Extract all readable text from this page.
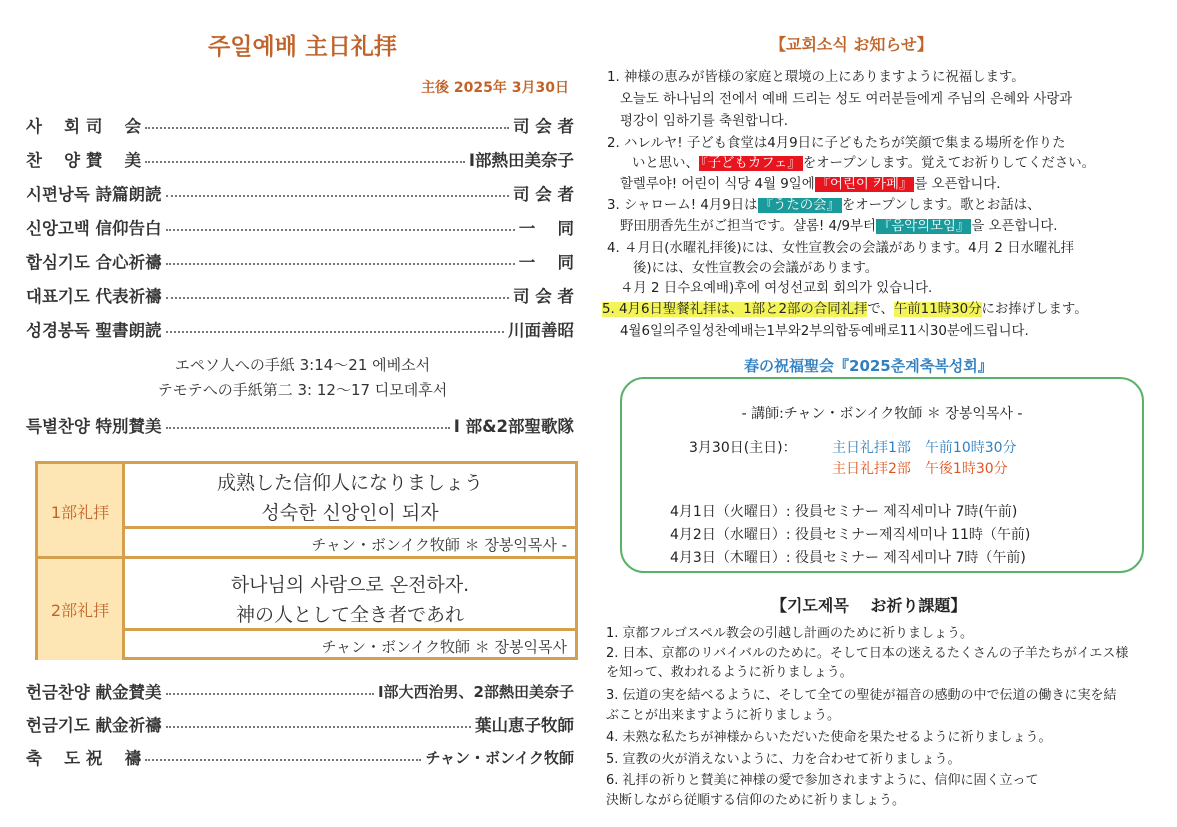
주일예배 主日礼拝
主後 2025年 3月30日
사　 회 司 　会	司 会 者
찬　 양 賛 　美	Ⅰ部熱田美奈子
시편낭독 詩篇朗読	司 会 者
신앙고백 信仰告白	一　 同
합심기도 合心祈禱	一　 同
대표기도 代表祈禱	司 会 者
성경봉독 聖書朗読	川面善昭
エペソ人への手紙 3:14～21 에베소서
テモテへの手紙第二 3: 12～17 디모데후서
특별찬양 特別賛美	Ⅰ 部&2部聖歌隊
1部礼拝
成熟した信仰人になりましょう
성숙한 신앙인이 되자
チャン・ボンイク牧師 ＊ 장봉익목사 -
2部礼拝
하나님의 사람으로 온전하자.
神の人として全き者であれ
チャン・ボンイク牧師 ＊ 장봉익목사
헌금찬양 献金賛美	Ⅰ部大西治男、2部熱田美奈子
헌금기도 献金祈禱	葉山恵子牧師
축　 도 祝 　禱	チャン・ボンイク牧師
【교회소식 お知らせ】
1. 神様の恵みが皆様の家庭と環境の上にありますように祝福します。
오늘도 하나님의 전에서 예배 드리는 성도 여러분들에게 주님의 은혜와 사랑과
평강이 임하기를 축원합니다.
2. ハレルヤ! 子ども食堂は4月9日に子どもたちが笑顔で集まる場所を作りた
いと思い、 『子どもカフェ』 をオープンします。覚えてお祈りしてください。
할렐루야! 어린이 식당 4월 9일에 『어린이 카페』 를 오픈합니다.
3. シャローム! 4月9日は 『うたの会』 をオープンします。歌とお話は、
野田朋香先生がご担当です。샬롬! 4/9부터 『음악의모임』 을 오픈합니다.
4. ４月日(水曜礼拝後)には、女性宣教会の会議があります。4月 2 日水曜礼拝
後)には、女性宣教会の会議があります。
４月 2 日수요예배)후에 여성선교회 회의가 있습니다.
5. 4月6日聖餐礼拝は、1部と2部の合同礼拝で、午前11時30分にお捧げします。
4월6일의주일성찬예배는1부와2부의합동예배로11시30분에드립니다.
春の祝福聖会『2025춘계축복성회』
- 講師:チャン・ボンイク牧師 ＊ 장봉익목사 -
3月30日(主日)：	主日礼拝1部　午前10時30分
主日礼拝2部　午後1時30分
4月1日（火曜日）: 役員セミナー 제직세미나 7時(午前)
4月2日（水曜日）: 役員セミナー제직세미나 11時（午前)
4月3日（木曜日）: 役員セミナー 제직세미나 7時（午前)
【기도제목　 お祈り課題】
1. 京都フルゴスペル教会の引越し計画のために祈りましょう。
2. 日本、京都のリバイバルのために。そして日本の迷えるたくさんの子羊たちがイエス様
を知って、救われるように祈りましょう。
3. 伝道の実を結べるように、そして全ての聖徒が福音の感動の中で伝道の働きに実を結
ぶことが出来ますように祈りましょう。
4. 未熟な私たちが神様からいただいた使命を果たせるように祈りましょう。
5. 宣教の火が消えないように、力を合わせて祈りましょう。
6. 礼拝の祈りと賛美に神様の愛で参加されますように、信仰に固く立って
決断しながら従順する信仰のために祈りましょう。
